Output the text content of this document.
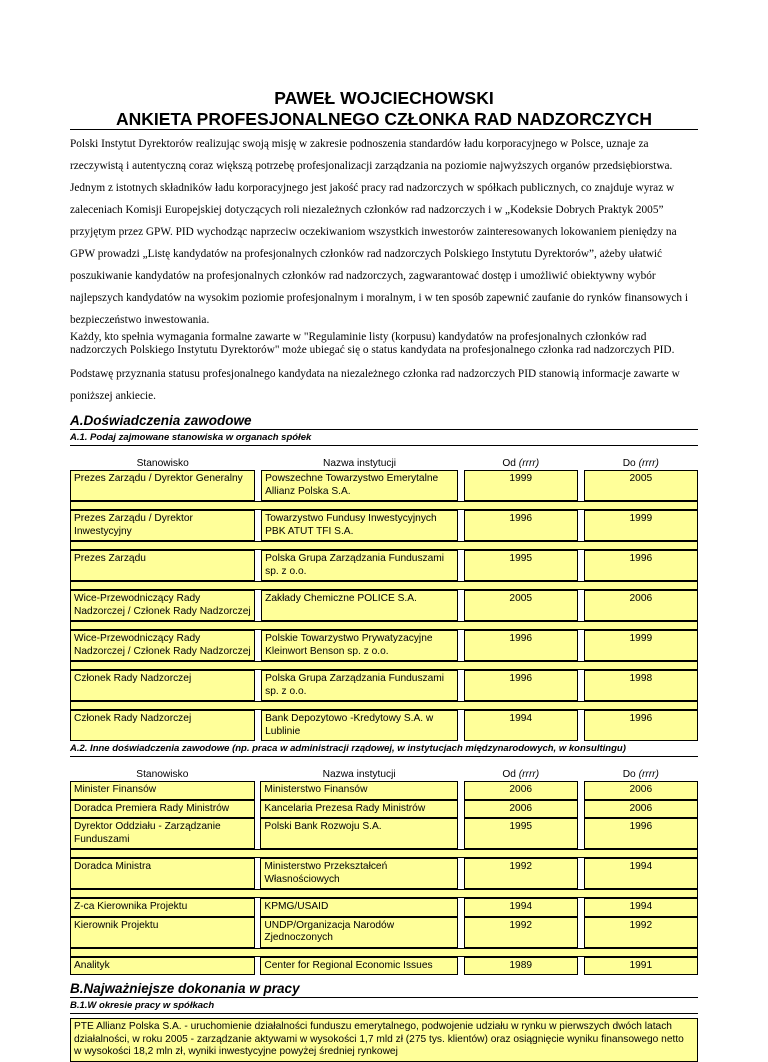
PAWEŁ WOJCIECHOWSKI
ANKIETA PROFESJONALNEGO CZŁONKA RAD NADZORCZYCH

Polski Instytut Dyrektorów realizując swoją misję w zakresie podnoszenia standardów ładu korporacyjnego w Polsce, uznaje za rzeczywistą i autentyczną coraz większą potrzebę profesjonalizacji zarządzania na poziomie najwyższych organów przedsiębiorstwa. Jednym z istotnych składników ładu korporacyjnego jest jakość pracy rad nadzorczych w spółkach publicznych, co znajduje wyraz w zaleceniach Komisji Europejskiej dotyczących roli niezależnych członków rad nadzorczych i w „Kodeksie Dobrych Praktyk 2005” przyjętym przez GPW. PID wychodząc naprzeciw oczekiwaniom wszystkich inwestorów zainteresowanych lokowaniem pieniędzy na GPW prowadzi „Listę kandydatów na profesjonalnych członków rad nadzorczych Polskiego Instytutu Dyrektorów”, ażeby ułatwić poszukiwanie kandydatów na profesjonalnych członków rad nadzorczych, zagwarantować dostęp i umożliwić obiektywny wybór najlepszych kandydatów na wysokim poziomie profesjonalnym i moralnym, i w ten sposób zapewnić zaufanie do rynków finansowych i bezpieczeństwo inwestowania.

Każdy, kto spełnia wymagania formalne zawarte w "Regulaminie listy (korpusu) kandydatów na profesjonalnych członków rad nadzorczych Polskiego Instytutu Dyrektorów" może ubiegać się o status kandydata na profesjonalnego członka rad nadzorczych PID.

Podstawę przyznania statusu profesjonalnego kandydata na niezależnego członka rad nadzorczych PID stanowią informacje zawarte w poniższej ankiecie.

A.Doświadczenia zawodowe
A.1. Podaj zajmowane stanowiska w organach spółek
Stanowisko		Nazwa instytucji		Od (rrrr)		Do (rrrr)
Prezes Zarządu / Dyrektor Generalny		Powszechne Towarzystwo Emerytalne Allianz Polska S.A.		1999		2005

Prezes Zarządu / Dyrektor Inwestycyjny		Towarzystwo Fundusy Inwestycyjnych PBK ATUT TFI S.A.		1996		1999

Prezes Zarządu		Polska Grupa Zarządzania Funduszami sp. z o.o.		1995		1996

Wice-Przewodniczący Rady Nadzorczej / Członek Rady Nadzorczej		Zakłady Chemiczne POLICE S.A.		2005		2006

Wice-Przewodniczący Rady Nadzorczej / Członek Rady Nadzorczej		Polskie Towarzystwo Prywatyzacyjne Kleinwort Benson sp. z o.o.		1996		1999

Członek Rady Nadzorczej		Polska Grupa Zarządzania Funduszami sp. z o.o.		1996		1998

Członek Rady Nadzorczej		Bank Depozytowo -Kredytowy S.A. w Lublinie		1994		1996
A.2. Inne doświadczenia zawodowe (np. praca w administracji rządowej, w instytucjach międzynarodowych, w konsultingu)
Stanowisko		Nazwa instytucji		Od (rrrr)		Do (rrrr)
Minister Finansów		Ministerstwo Finansów		2006		2006
Doradca Premiera Rady Ministrów		Kancelaria Prezesa Rady Ministrów		2006		2006
Dyrektor Oddziału - Zarządzanie Funduszami		Polski Bank Rozwoju S.A.		1995		1996

Doradca Ministra		Ministerstwo Przekształceń Własnościowych		1992		1994

Z-ca Kierownika Projektu		KPMG/USAID		1994		1994
Kierownik Projektu		UNDP/Organizacja Narodów Zjednoczonych		1992		1992

Analityk		Center for Regional Economic Issues		1989		1991
B.Najważniejsze dokonania w pracy
B.1.W okresie pracy w spółkach
PTE Allianz Polska S.A. - uruchomienie działalności funduszu emerytalnego, podwojenie udziału w rynku w pierwszych dwóch latach działalności, w roku 2005 - zarządzanie aktywami w wysokości 1,7 mld zł (275 tys. klientów) oraz osiągnięcie wyniku finansowego netto w wysokości 18,2 mln zł, wyniki inwestycyjne powyżej średniej rynkowej
